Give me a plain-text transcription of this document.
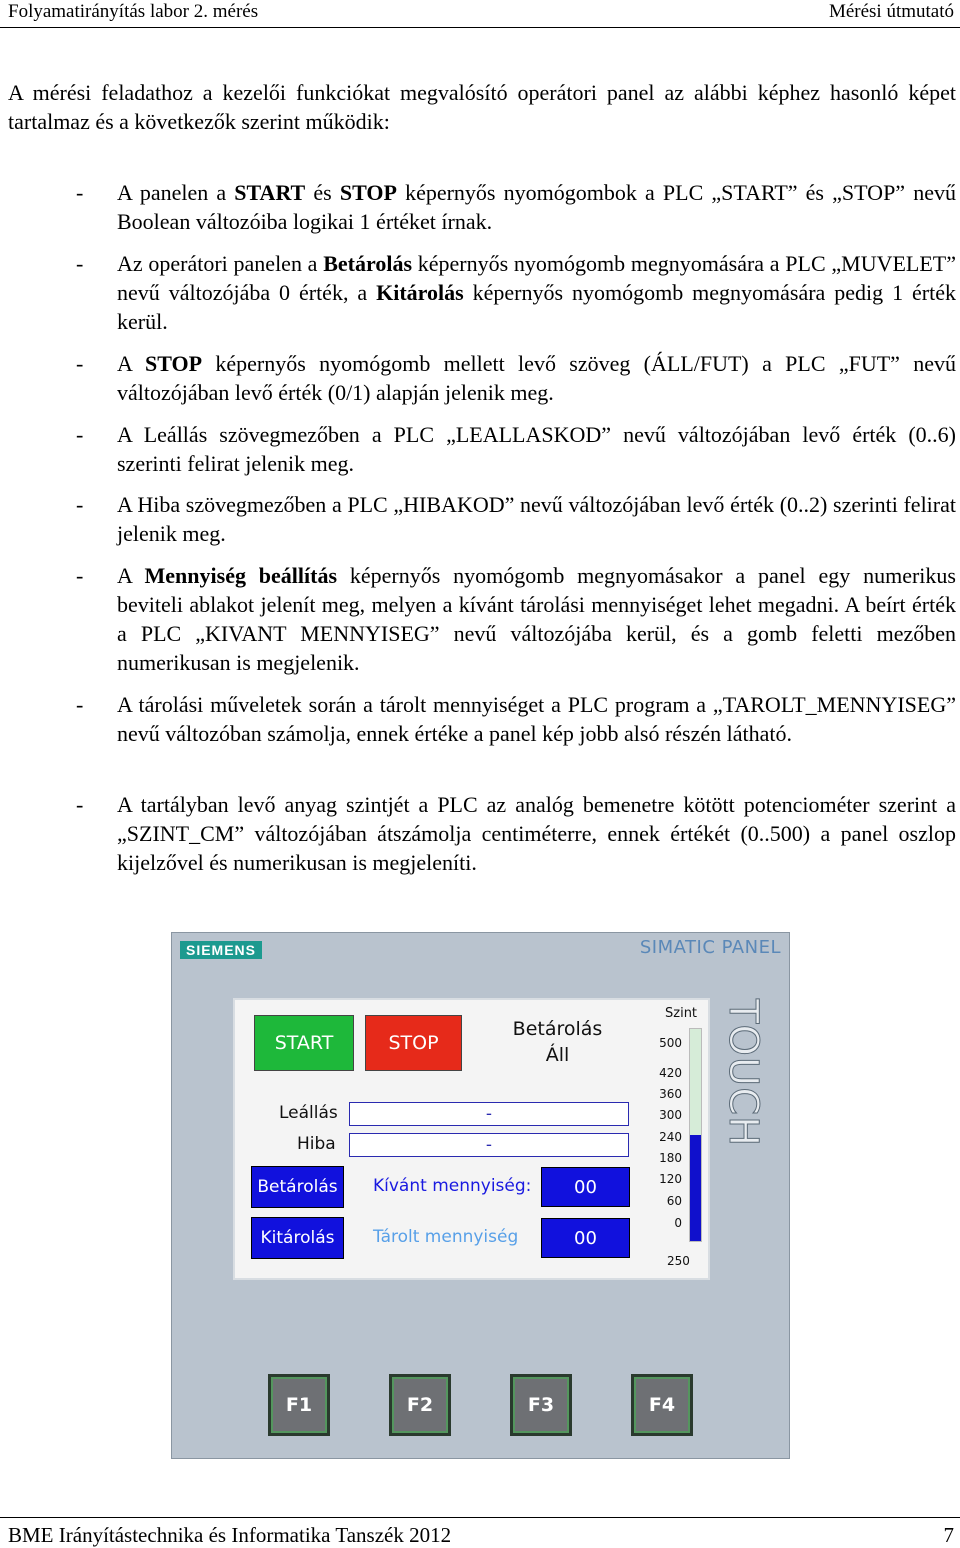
Folyamatirányítás labor 2. mérés	Mérési útmutató
A mérési feladathoz a kezelői funkciókat megvalósító operátori panel az alábbi képhez hasonló képet tartalmaz és a következők szerint működik:
- A panelen a START és STOP képernyős nyomógombok a PLC „START” és „STOP” nevű Boolean változóiba logikai 1 értéket írnak.
- Az operátori panelen a Betárolás képernyős nyomógomb megnyomására a PLC „MUVELET” nevű változójába 0 érték, a Kitárolás képernyős nyomógomb megnyomására pedig 1 érték kerül.
- A STOP képernyős nyomógomb mellett levő szöveg (ÁLL/FUT) a PLC „FUT” nevű változójában levő érték (0/1) alapján jelenik meg.
- A Leállás szövegmezőben a PLC „LEALLASKOD” nevű változójában levő érték (0..6) szerinti felirat jelenik meg.
- A Hiba szövegmezőben a PLC „HIBAKOD” nevű változójában levő érték (0..2) szerinti felirat jelenik meg.
- A Mennyiség beállítás képernyős nyomógomb megnyomásakor a panel egy numerikus beviteli ablakot jelenít meg, melyen a kívánt tárolási mennyiséget lehet megadni. A beírt érték a PLC „KIVANT MENNYISEG” nevű változójába kerül, és a gomb feletti mezőben numerikusan is megjelenik.
- A tárolási műveletek során a tárolt mennyiséget a PLC program a „TAROLT_MENNYISEG” nevű változóban számolja, ennek értéke a panel kép jobb alsó részén látható.
- A tartályban levő anyag szintjét a PLC az analóg bemenetre kötött potenciométer szerint a „SZINT_CM” változójában átszámolja centiméterre, ennek értékét (0..500) a panel oszlop kijelzővel és numerikusan is megjeleníti.
SIEMENS	SIMATIC PANEL
TOUCH
START	STOP
Betárolás
Áll
Leállás	-
Hiba	-
Betárolás
Kitárolás
Kívánt mennyiség:	00
Tárolt mennyiség	00
Szint
500
420
360
300
240
180
120
60
0
250
F1	F2	F3	F4
BME Irányítástechnika és Informatika Tanszék 2012	7
